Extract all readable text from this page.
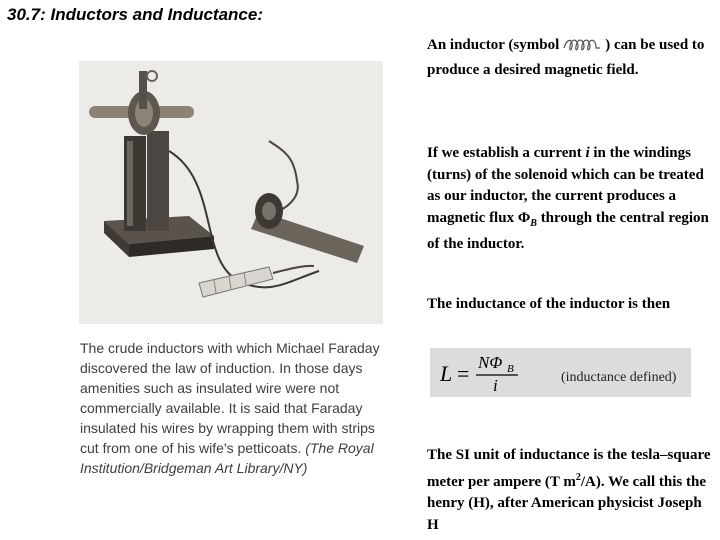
30.7: Inductors and Inductance:

The crude inductors with which Michael Faraday discovered the law of induction. In those days amenities such as insulated wire were not commercially available. It is said that Faraday insulated his wires by wrapping them with strips cut from one of his wife's petticoats. (The Royal Institution/Bridgeman Art Library/NY)

An inductor (symbol	) can be used to produce a desired magnetic field.

If we establish a current i in the windings (turns) of the solenoid which can be treated as our inductor, the current produces a magnetic flux $\Phi_B$ through the central region of the inductor.

The inductance of the inductor is then

L = NΦ B
i	(inductance defined)

The SI unit of inductance is the tesla–square meter per ampere (T $m^2/A$). We call this the henry (H), after American physicist Joseph H
